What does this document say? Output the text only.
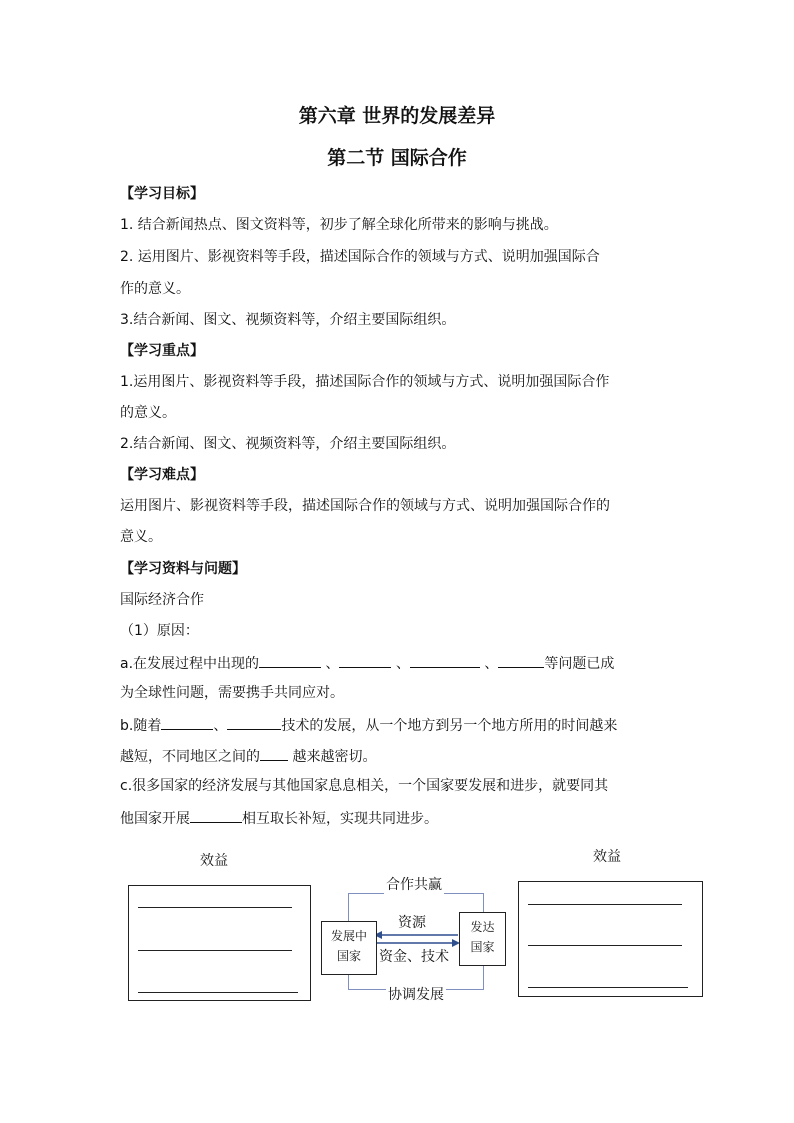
第六章 世界的发展差异
第二节 国际合作
【学习目标】
1. 结合新闻热点、图文资料等，初步了解全球化所带来的影响与挑战。
2. 运用图片、影视资料等手段，描述国际合作的领域与方式、说明加强国际合
作的意义。
3.结合新闻、图文、视频资料等，介绍主要国际组织。
【学习重点】
1.运用图片、影视资料等手段，描述国际合作的领域与方式、说明加强国际合作
的意义。
2.结合新闻、图文、视频资料等，介绍主要国际组织。
【学习难点】
运用图片、影视资料等手段，描述国际合作的领域与方式、说明加强国际合作的
意义。
【学习资料与问题】
国际经济合作
（1）原因：
a.在发展过程中出现的	、	、	、	等问题已成
为全球性问题，需要携手共同应对。
b.随着	、	技术的发展，从一个地方到另一个地方所用的时间越来
越短，不同地区之间的 越来越密切。
c.很多国家的经济发展与其他国家息息相关，一个国家要发展和进步，就要同其
他国家开展	相互取长补短，实现共同进步。
效益	效益
合作共赢
协调发展
资源
资金、技术
发展中
国家
发达
国家
